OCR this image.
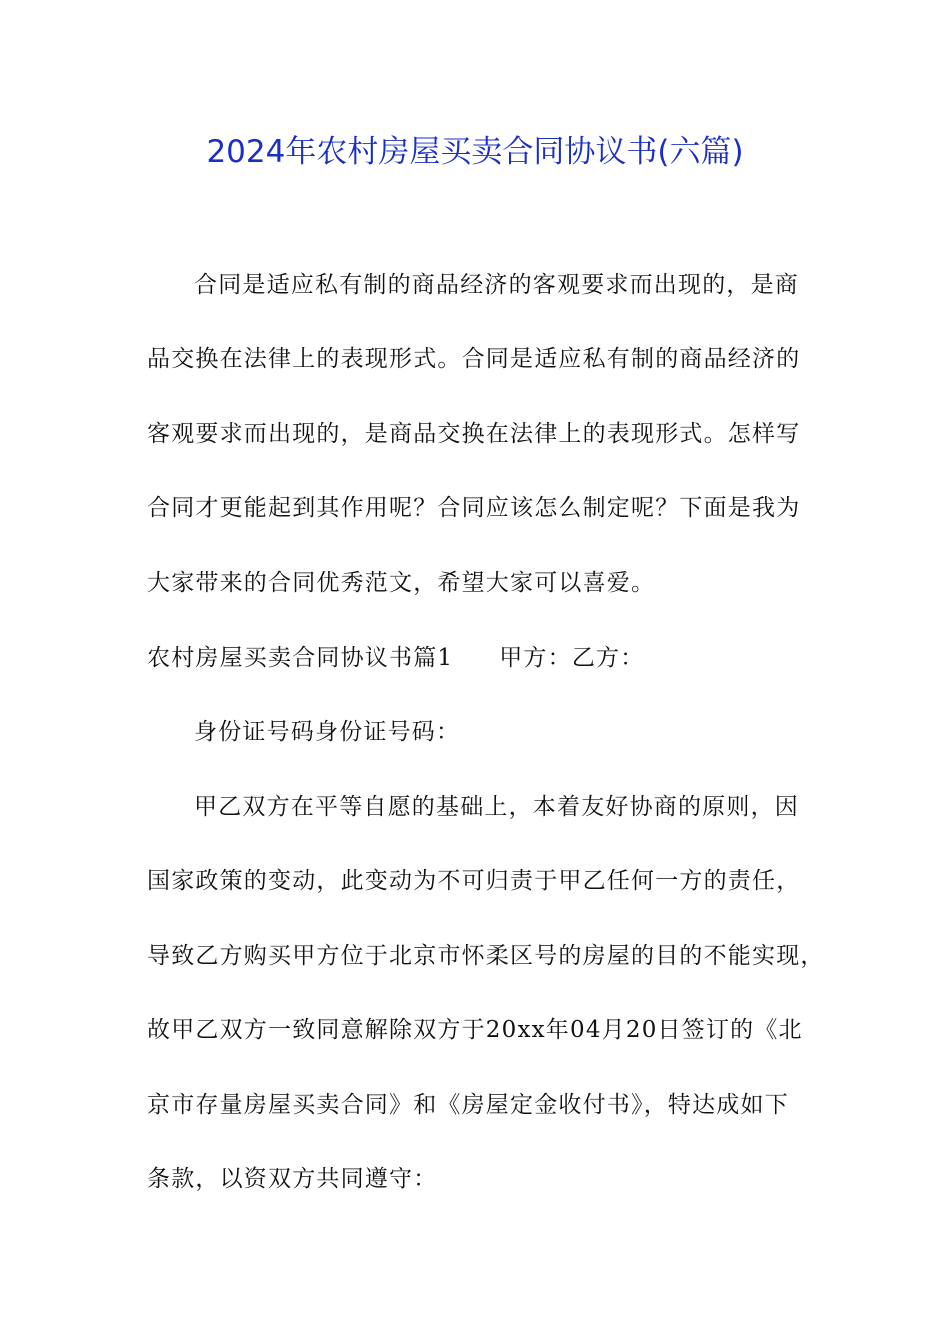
2024年农村房屋买卖合同协议书(六篇)
合同是适应私有制的商品经济的客观要求而出现的，是商
品交换在法律上的表现形式。合同是适应私有制的商品经济的
客观要求而出现的，是商品交换在法律上的表现形式。怎样写
合同才更能起到其作用呢？合同应该怎么制定呢？下面是我为
大家带来的合同优秀范文，希望大家可以喜爱。
农村房屋买卖合同协议书篇1 甲方：乙方：
身份证号码身份证号码：
甲乙双方在平等自愿的基础上，本着友好协商的原则，因
国家政策的变动，此变动为不可归责于甲乙任何一方的责任，
导致乙方购买甲方位于北京市怀柔区号的房屋的目的不能实现，
故甲乙双方一致同意解除双方于20xx年04月20日签订的《北
京市存量房屋买卖合同》和《房屋定金收付书》，特达成如下
条款，以资双方共同遵守：
